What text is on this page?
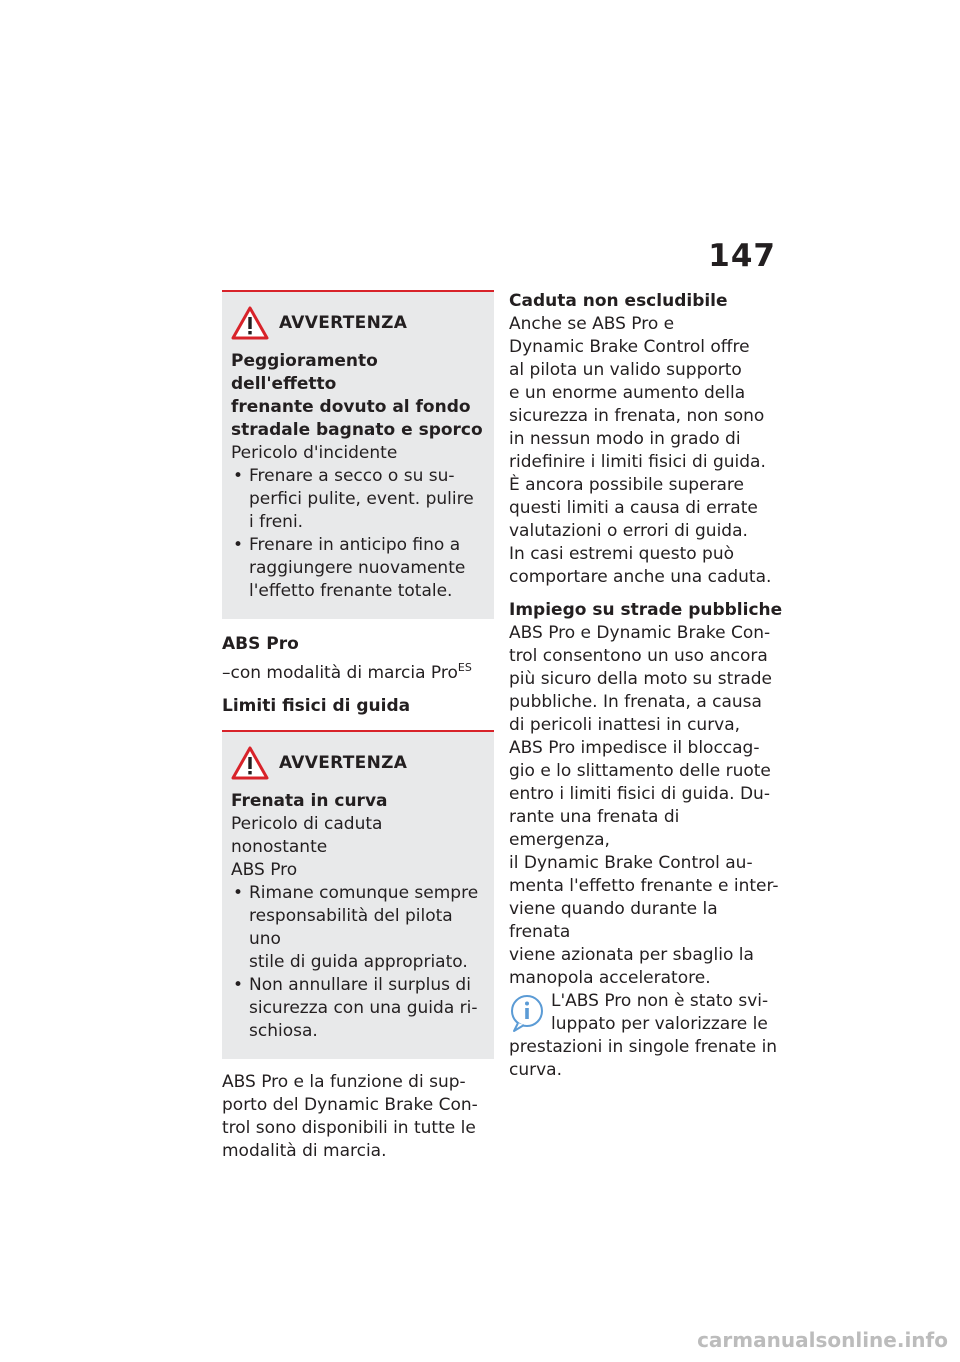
147
AVVERTENZA

Peggioramento dell'effetto

frenante dovuto al fondo

stradale bagnato e sporco

Pericolo d'incidente

• Frenare a secco o su su-
perfici pulite, event. pulire
i freni.
• Frenare in anticipo fino a
raggiungere nuovamente
l'effetto frenante totale.

ABS Pro

–con modalità di marcia Pro$^{ES}$

Limiti fisici di guida

AVVERTENZA

Frenata in curva

Pericolo di caduta nonostante

ABS Pro

• Rimane comunque sempre
responsabilità del pilota uno
stile di guida appropriato.
• Non annullare il surplus di
sicurezza con una guida ri-
schiosa.

ABS Pro e la funzione di sup-

porto del Dynamic Brake Con-

trol sono disponibili in tutte le

modalità di marcia.

Caduta non escludibile

Anche se ABS Pro e

Dynamic Brake Control offre

al pilota un valido supporto

e un enorme aumento della

sicurezza in frenata, non sono

in nessun modo in grado di

ridefinire i limiti fisici di guida.

È ancora possibile superare

questi limiti a causa di errate

valutazioni o errori di guida.

In casi estremi questo può

comportare anche una caduta.

Impiego su strade pubbliche

ABS Pro e Dynamic Brake Con-

trol consentono un uso ancora

più sicuro della moto su strade

pubbliche. In frenata, a causa

di pericoli inattesi in curva,

ABS Pro impedisce il bloccag-

gio e lo slittamento delle ruote

entro i limiti fisici di guida. Du-

rante una frenata di emergenza,

il Dynamic Brake Control au-

menta l'effetto frenante e inter-

viene quando durante la frenata

viene azionata per sbaglio la

manopola acceleratore.

L'ABS Pro non è stato svi-

luppato per valorizzare le

prestazioni in singole frenate in

curva.

carmanualsonline.info
